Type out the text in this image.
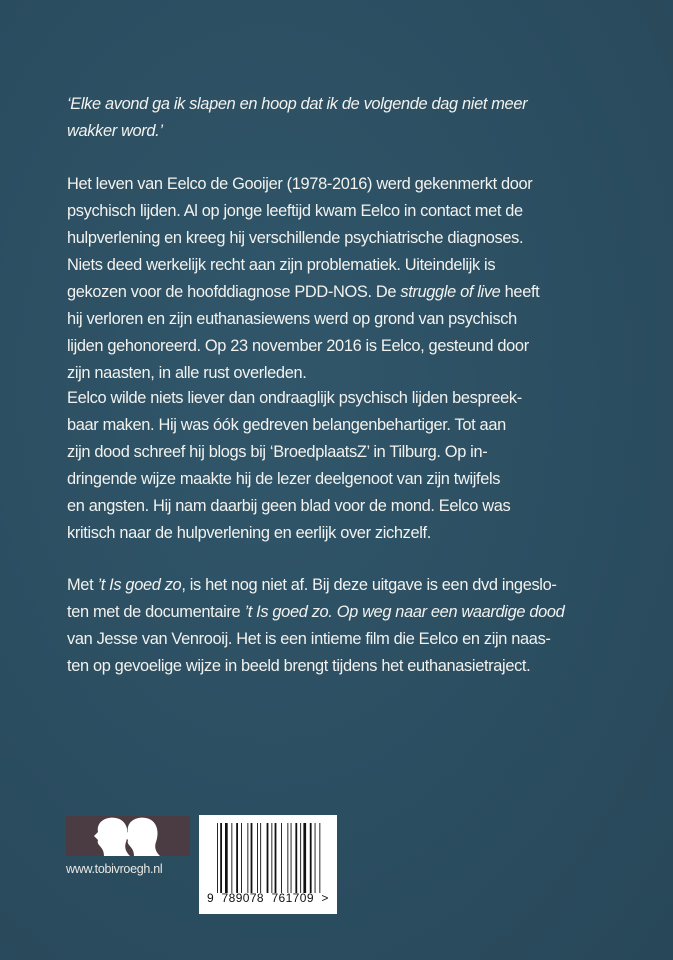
‘Elke avond ga ik slapen en hoop dat ik de volgende dag niet meer
wakker word.’
Het leven van Eelco de Gooijer (1978-2016) werd gekenmerkt door
psychisch lijden. Al op jonge leeftijd kwam Eelco in contact met de
hulpverlening en kreeg hij verschillende psychiatrische diagnoses.
Niets deed werkelijk recht aan zijn problematiek. Uiteindelijk is
gekozen voor de hoofddiagnose PDD-NOS. De struggle of live heeft
hij verloren en zijn euthanasiewens werd op grond van psychisch
lijden gehonoreerd. Op 23 november 2016 is Eelco, gesteund door
zijn naasten, in alle rust overleden.
Eelco wilde niets liever dan ondraaglijk psychisch lijden bespreek-
baar maken. Hij was óók gedreven belangenbehartiger. Tot aan
zijn dood schreef hij blogs bij ‘BroedplaatsZ’ in Tilburg. Op in-
dringende wijze maakte hij de lezer deelgenoot van zijn twijfels
en angsten. Hij nam daarbij geen blad voor de mond. Eelco was
kritisch naar de hulpverlening en eerlijk over zichzelf.
Met ’t Is goed zo, is het nog niet af. Bij deze uitgave is een dvd ingeslo-
ten met de documentaire ’t Is goed zo. Op weg naar een waardige dood
van Jesse van Venrooij. Het is een intieme film die Eelco en zijn naas-
ten op gevoelige wijze in beeld brengt tijdens het euthanasietraject.
www.tobivroegh.nl
9  789078  761709  >
